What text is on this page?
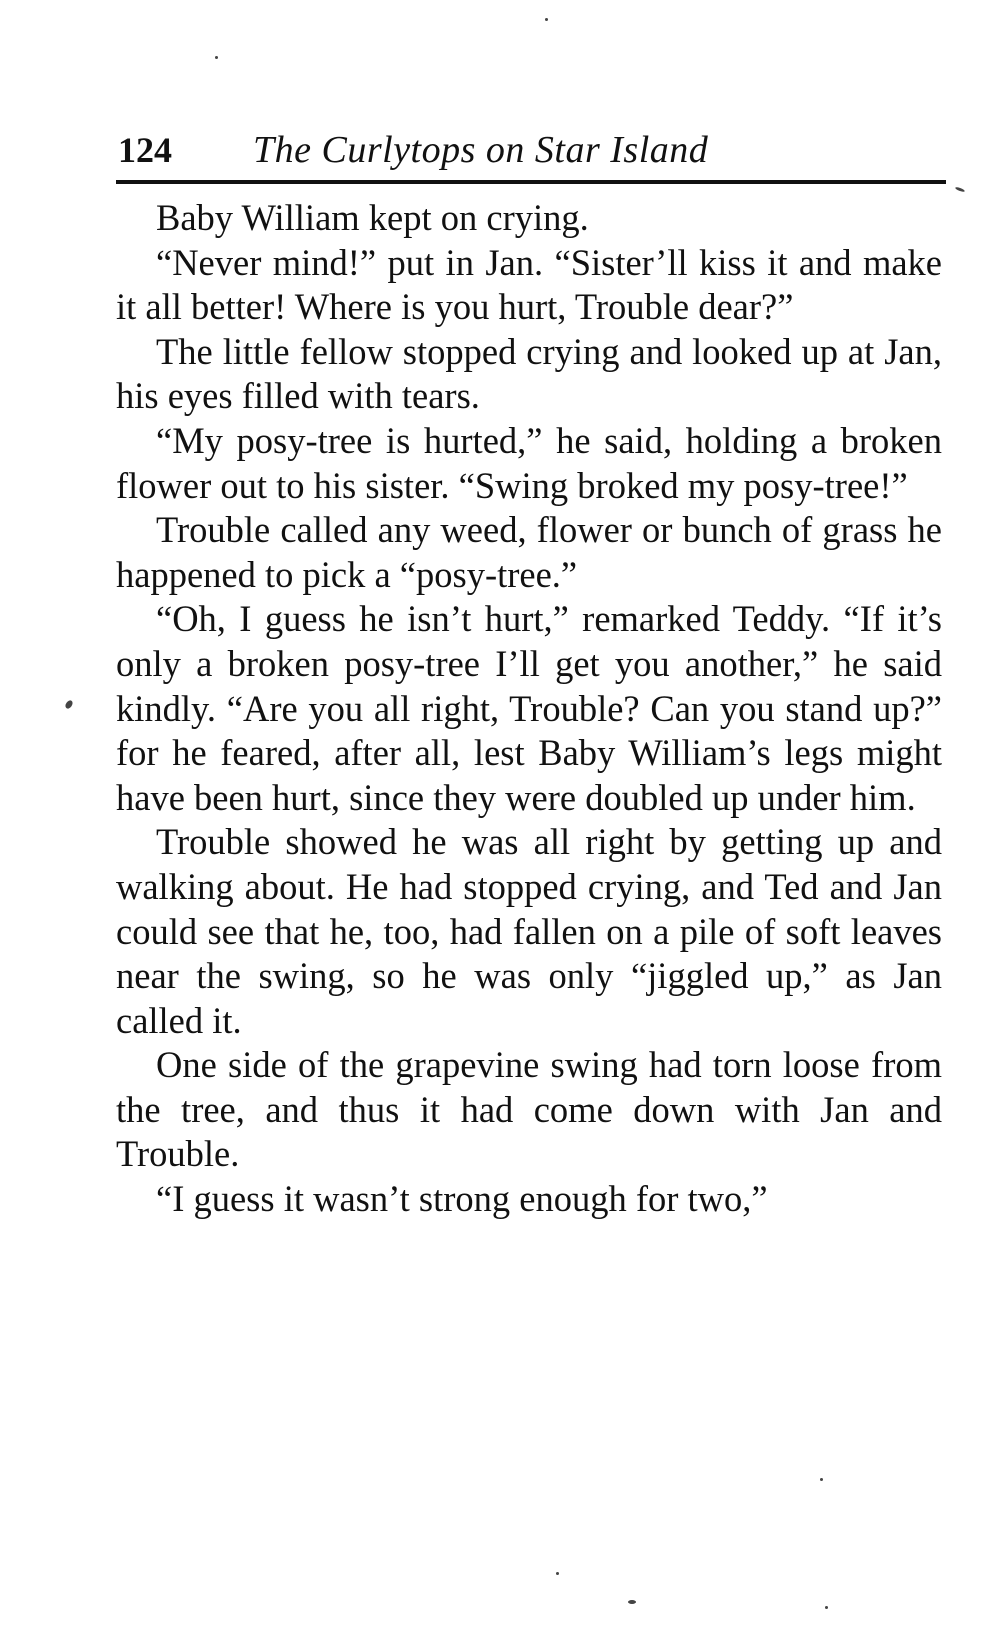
124 The Curlytops on Star Island

Baby William kept on crying.

“Never mind!” put in Jan. “Sister’ll kiss it and make it all better! Where is you hurt, Trouble dear?”

The little fellow stopped crying and looked up at Jan, his eyes filled with tears.

“My posy-tree is hurted,” he said, holding a broken flower out to his sister. “Swing broked my posy-tree!”

Trouble called any weed, flower or bunch of grass he happened to pick a “posy-tree.”

“Oh, I guess he isn’t hurt,” remarked Teddy. “If it’s only a broken posy-tree I’ll get you another,” he said kindly. “Are you all right, Trouble? Can you stand up?” for he feared, after all, lest Baby William’s legs might have been hurt, since they were doubled up under him.

Trouble showed he was all right by getting up and walking about. He had stopped crying, and Ted and Jan could see that he, too, had fallen on a pile of soft leaves near the swing, so he was only “jiggled up,” as Jan called it.

One side of the grapevine swing had torn loose from the tree, and thus it had come down with Jan and Trouble.

“I guess it wasn’t strong enough for two,”
